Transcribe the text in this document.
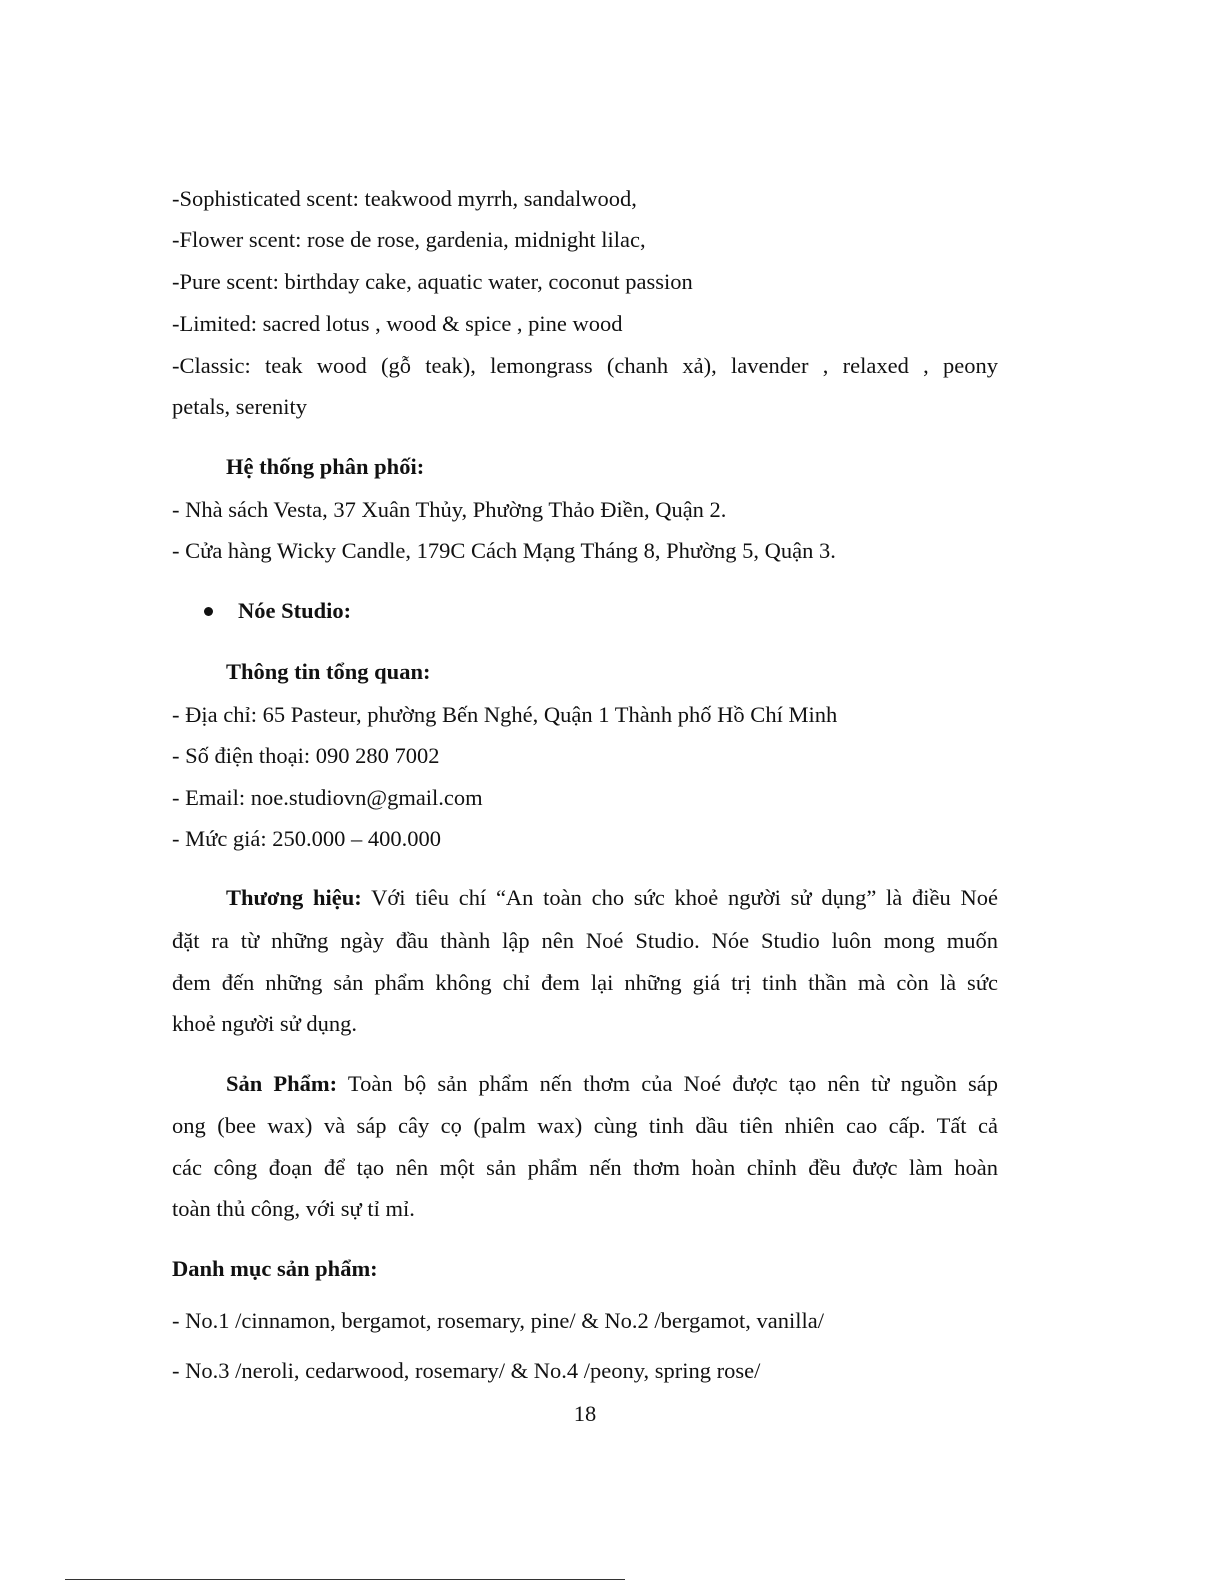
-Sophisticated scent: teakwood myrrh, sandalwood,
-Flower scent: rose de rose, gardenia, midnight lilac,
-Pure scent: birthday cake, aquatic water, coconut passion
-Limited: sacred lotus , wood & spice , pine wood
-Classic: teak wood (gỗ teak), lemongrass (chanh xả), lavender , relaxed , peony
petals, serenity
Hệ thống phân phối:
- Nhà sách Vesta, 37 Xuân Thủy, Phường Thảo Điền, Quận 2.
- Cửa hàng Wicky Candle, 179C Cách Mạng Tháng 8, Phường 5, Quận 3.
Nóe Studio:
Thông tin tổng quan:
- Địa chỉ: 65 Pasteur, phường Bến Nghé, Quận 1 Thành phố Hồ Chí Minh
- Số điện thoại: 090 280 7002
- Email: noe.studiovn@gmail.com
- Mức giá: 250.000 – 400.000
Thương hiệu: Với tiêu chí “An toàn cho sức khoẻ người sử dụng” là điều Noé
đặt ra từ những ngày đầu thành lập nên Noé Studio. Nóe Studio luôn mong muốn
đem đến những sản phẩm không chỉ đem lại những giá trị tinh thần mà còn là sức
khoẻ người sử dụng.
Sản Phẩm: Toàn bộ sản phẩm nến thơm của Noé được tạo nên từ nguồn sáp
ong (bee wax) và sáp cây cọ (palm wax) cùng tinh dầu tiên nhiên cao cấp. Tất cả
các công đoạn để tạo nên một sản phẩm nến thơm hoàn chỉnh đều được làm hoàn
toàn thủ công, với sự tỉ mỉ.
Danh mục sản phẩm:
- No.1 /cinnamon, bergamot, rosemary, pine/ & No.2 /bergamot, vanilla/
- No.3 /neroli, cedarwood, rosemary/ & No.4 /peony, spring rose/
18
